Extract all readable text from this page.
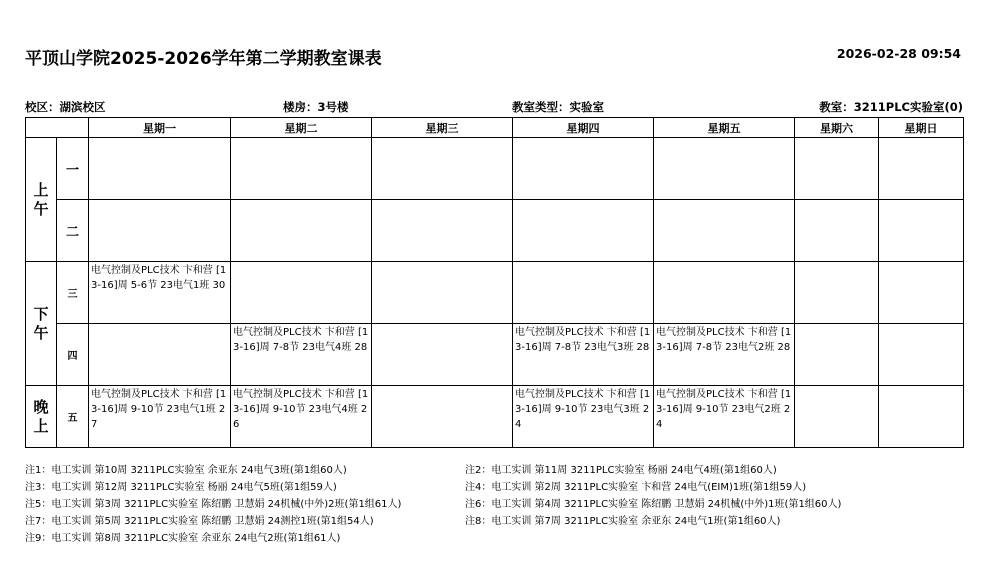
平顶山学院2025-2026学年第二学期教室课表	2026-02-28 09:54
校区：湖滨校区	楼房：3号楼	教室类型：实验室	教室：3211PLC实验室(0)
		星期一	星期二	星期三	星期四	星期五	星期六	星期日
上
午	一							
	二							
下
午	三	电气控制及PLC技术 卞和营 [13-16]周 5-6节 23电气1班 30						

	四		电气控制及PLC技术 卞和营 [13-16]周 7-8节 23电气4班 28		电气控制及PLC技术 卞和营 [13-16]周 7-8节 23电气3班 28	电气控制及PLC技术 卞和营 [13-16]周 7-8节 23电气2班 28		

晚
上	五	电气控制及PLC技术 卞和营 [13-16]周 9-10节 23电气1班 27	电气控制及PLC技术 卞和营 [13-16]周 9-10节 23电气4班 26		电气控制及PLC技术 卞和营 [13-16]周 9-10节 23电气3班 24	电气控制及PLC技术 卞和营 [13-16]周 9-10节 23电气2班 24		

注1：电工实训 第10周 3211PLC实验室 余亚东 24电气3班(第1组60人)
注3：电工实训 第12周 3211PLC实验室 杨丽 24电气5班(第1组59人)
注5：电工实训 第3周 3211PLC实验室 陈绍鹏 卫慧娟 24机械(中外)2班(第1组61人)
注7：电工实训 第5周 3211PLC实验室 陈绍鹏 卫慧娟 24测控1班(第1组54人)
注9：电工实训 第8周 3211PLC实验室 余亚东 24电气2班(第1组61人)
注2：电工实训 第11周 3211PLC实验室 杨丽 24电气4班(第1组60人)
注4：电工实训 第2周 3211PLC实验室 卞和营 24电气(EIM)1班(第1组59人)
注6：电工实训 第4周 3211PLC实验室 陈绍鹏 卫慧娟 24机械(中外)1班(第1组60人)
注8：电工实训 第7周 3211PLC实验室 余亚东 24电气1班(第1组60人)
